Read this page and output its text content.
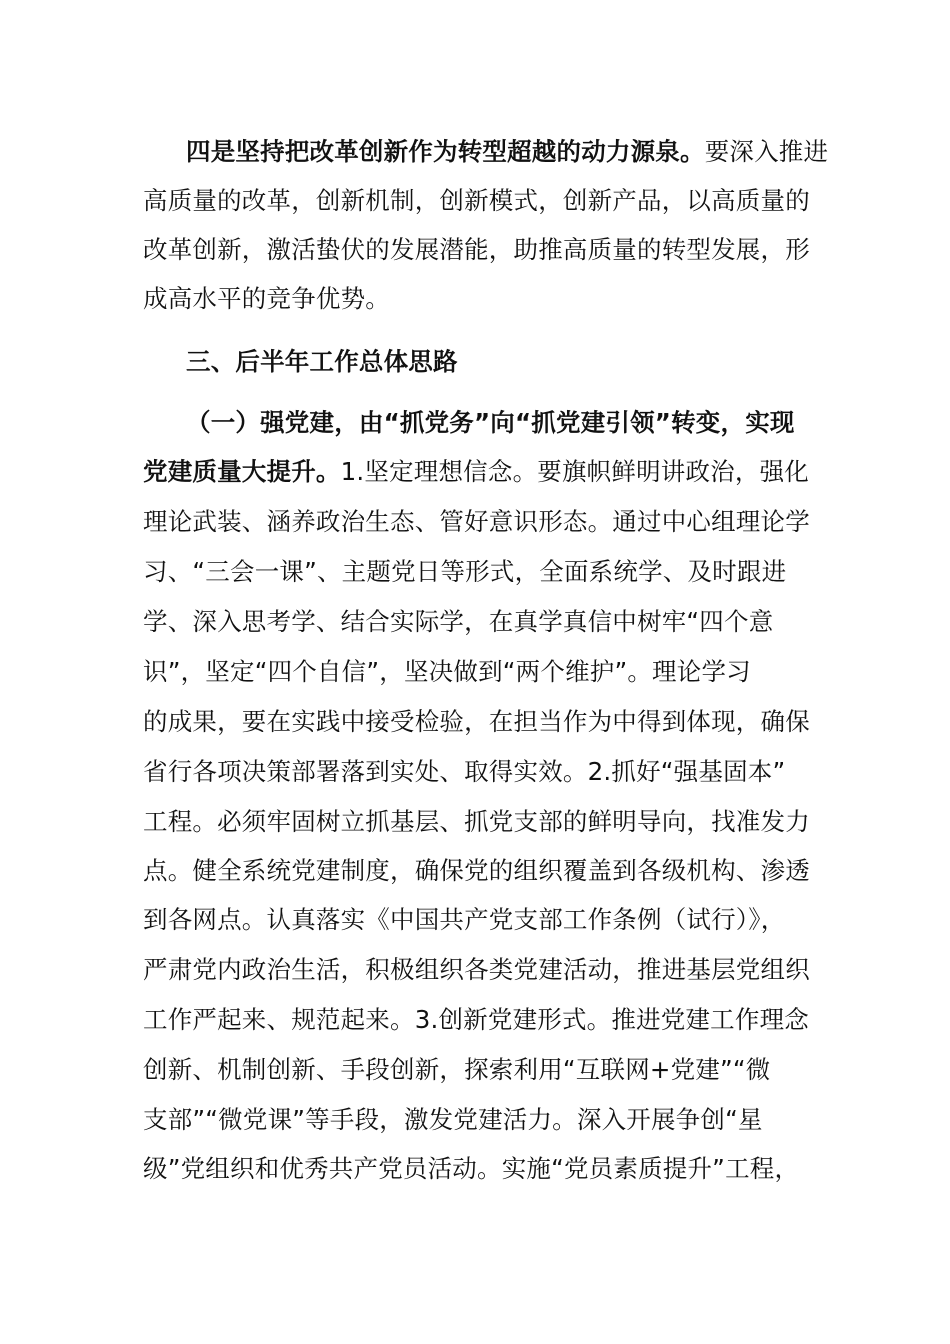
四是坚持把改革创新作为转型超越的动力源泉。要深入推进
高质量的改革，创新机制，创新模式，创新产品，以高质量的
改革创新，激活蛰伏的发展潜能，助推高质量的转型发展，形
成高水平的竞争优势。
三、后半年工作总体思路
（一）强党建，由“抓党务”向“抓党建引领”转变，实现
党建质量大提升。1.坚定理想信念。要旗帜鲜明讲政治，强化
理论武装、涵养政治生态、管好意识形态。通过中心组理论学
习、“三会一课”、主题党日等形式，全面系统学、及时跟进
学、深入思考学、结合实际学，在真学真信中树牢“四个意
识”，坚定“四个自信”，坚决做到“两个维护”。理论学习
的成果，要在实践中接受检验，在担当作为中得到体现，确保
省行各项决策部署落到实处、取得实效。2.抓好“强基固本”
工程。必须牢固树立抓基层、抓党支部的鲜明导向，找准发力
点。健全系统党建制度，确保党的组织覆盖到各级机构、渗透
到各网点。认真落实《中国共产党支部工作条例（试行）》，
严肃党内政治生活，积极组织各类党建活动，推进基层党组织
工作严起来、规范起来。3.创新党建形式。推进党建工作理念
创新、机制创新、手段创新，探索利用“互联网+党建”“微
支部”“微党课”等手段，激发党建活力。深入开展争创“星
级”党组织和优秀共产党员活动。实施“党员素质提升”工程，
